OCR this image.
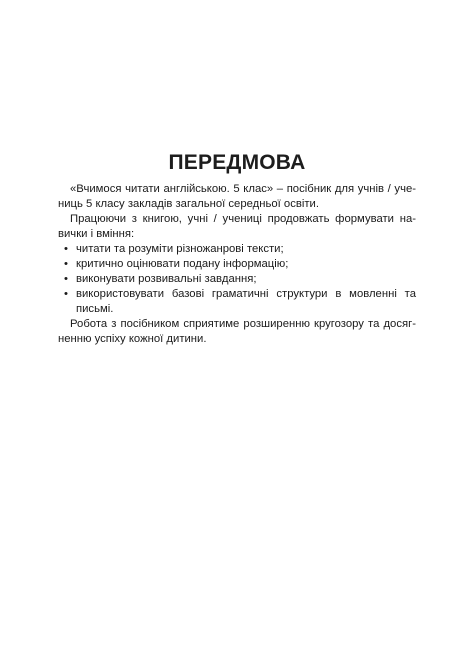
ПЕРЕДМОВА

«Вчимося читати англійською. 5 клас» – посібник для учнів / уче-
ниць 5 класу закладів загальної середньої освіти.

Працюючи з книгою, учні / учениці продовжать формувати на-
вички і вміння:

• читати та розуміти різножанрові тексти;
• критично оцінювати подану інформацію;
• виконувати розвивальні завдання;
• використовувати базові граматичні структури в мовленні та
письмі.

Робота з посібником сприятиме розширенню кругозору та досяг-
ненню успіху кожної дитини.
